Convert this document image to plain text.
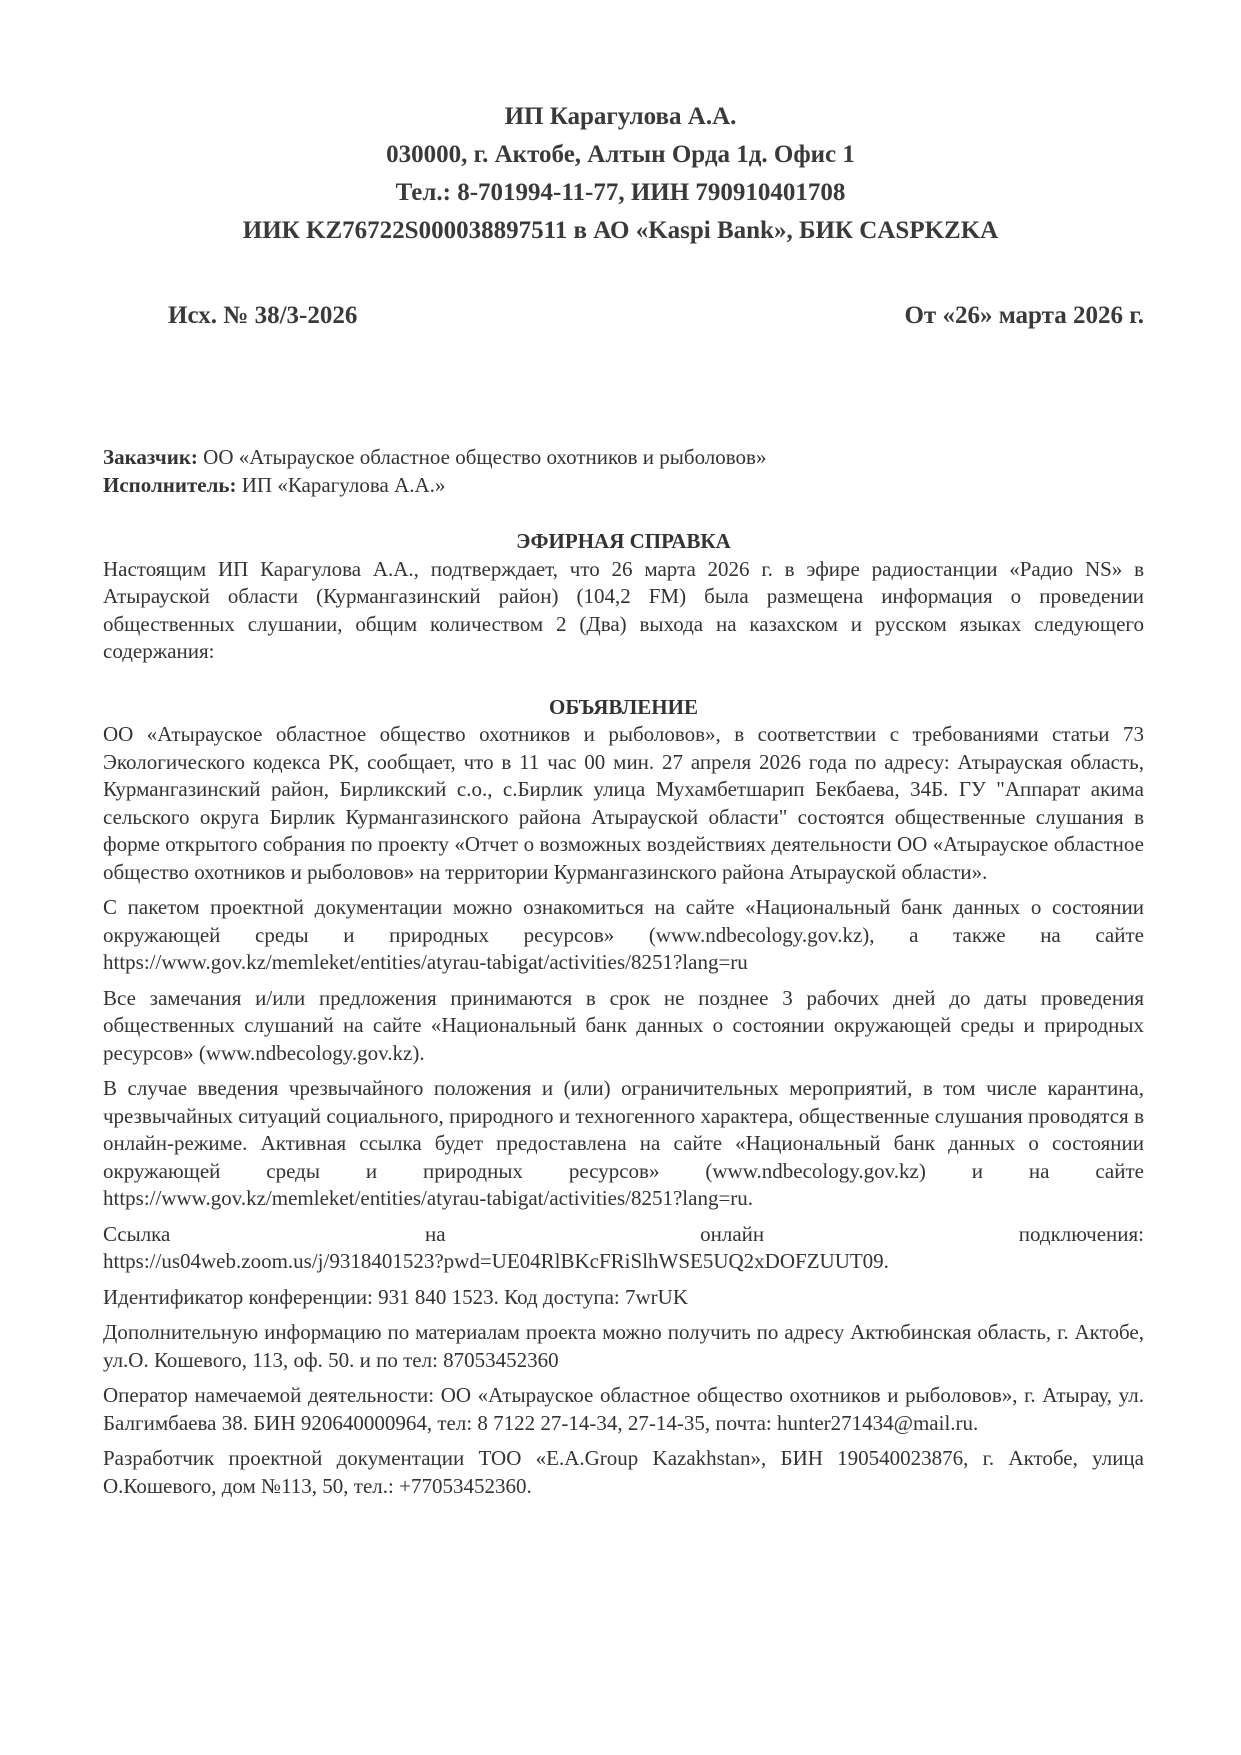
ИП Карагулова А.А.
030000, г. Актобе, Алтын Орда 1д. Офис 1
Тел.: 8-701994-11-77, ИИН 790910401708
ИИК KZ76722S000038897511 в АО «Kaspi Bank», БИК CASPKZKA
Исх. № 38/3-2026	От «26» марта 2026 г.
Заказчик: ОО «Атырауское областное общество охотников и рыболовов»
Исполнитель: ИП «Карагулова А.А.»
ЭФИРНАЯ СПРАВКА

Настоящим ИП Карагулова А.А., подтверждает, что 26 марта 2026 г. в эфире радиостанции «Радио NS» в Атырауской области (Курмангазинский район) (104,2 FM) была размещена информация о проведении общественных слушании, общим количеством 2 (Два) выхода на казахском и русском языках следующего содержания:

ОБЪЯВЛЕНИЕ

ОО «Атырауское областное общество охотников и рыболовов», в соответствии с требованиями статьи 73 Экологического кодекса РК, сообщает, что в 11 час 00 мин. 27 апреля 2026 года по адресу: Атырауская область, Курмангазинский район, Бирликский с.о., с.Бирлик улица Мухамбетшарип Бекбаева, 34Б. ГУ "Аппарат акима сельского округа Бирлик Курмангазинского района Атырауской области" состоятся общественные слушания в форме открытого собрания по проекту «Отчет о возможных воздействиях деятельности ОО «Атырауское областное общество охотников и рыболовов» на территории Курмангазинского района Атырауской области».

С пакетом проектной документации можно ознакомиться на сайте «Национальный банк данных о состоянии окружающей среды и природных ресурсов» (www.ndbecology.gov.kz), а также на сайте https://www.gov.kz/memleket/entities/atyrau-tabigat/activities/8251?lang=ru

Все замечания и/или предложения принимаются в срок не позднее 3 рабочих дней до даты проведения общественных слушаний на сайте «Национальный банк данных о состоянии окружающей среды и природных ресурсов» (www.ndbecology.gov.kz).

В случае введения чрезвычайного положения и (или) ограничительных мероприятий, в том числе карантина, чрезвычайных ситуаций социального, природного и техногенного характера, общественные слушания проводятся в онлайн-режиме. Активная ссылка будет предоставлена на сайте «Национальный банк данных о состоянии окружающей среды и природных ресурсов» (www.ndbecology.gov.kz) и на сайте https://www.gov.kz/memleket/entities/atyrau-tabigat/activities/8251?lang=ru.

Ссылка на онлайн подключения:
https://us04web.zoom.us/j/9318401523?pwd=UE04RlBKcFRiSlhWSE5UQ2xDOFZUUT09.

Идентификатор конференции: 931 840 1523. Код доступа: 7wrUK

Дополнительную информацию по материалам проекта можно получить по адресу Актюбинская область, г. Актобе, ул.О. Кошевого, 113, оф. 50. и по тел: 87053452360

Оператор намечаемой деятельности: ОО «Атырауское областное общество охотников и рыболовов», г. Атырау, ул. Балгимбаева 38. БИН 920640000964, тел: 8 7122 27-14-34, 27-14-35, почта: hunter271434@mail.ru.

Разработчик проектной документации ТОО «E.A.Group Kazakhstan», БИН 190540023876, г. Актобе, улица О.Кошевого, дом №113, 50, тел.: +77053452360.
